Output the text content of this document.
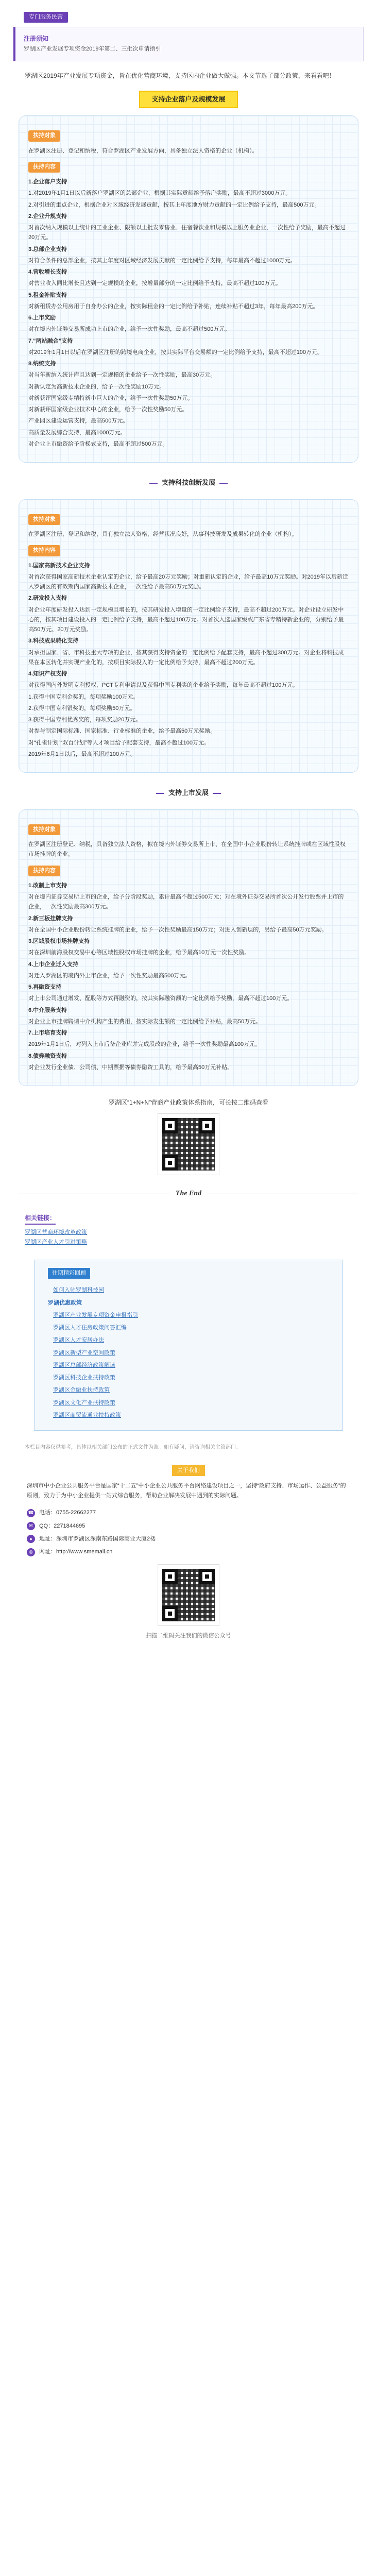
专门服务民营
注册须知
罗湖区产业发展专项资金2019年第二、三批次申请指引

罗湖区2019年产业发展专项资金，旨在优化营商环境，支持区内企业做大做强。本文节选了部分政策，来看看吧！

支持企业落户及规模发展
扶持对象

在罗湖区注册、登记和纳税，符合罗湖区产业发展方向，具备独立法人资格的企业（机构）。

扶持内容

1.企业落户支持

1.对2019年1月1日以后新落户罗湖区的总部企业，根据其实际贡献给予落户奖励，最高不超过3000万元。

2.对引进的重点企业，根据企业对区域经济发展贡献，按其上年度地方财力贡献的一定比例给予支持，最高500万元。

2.企业升规支持

对首次纳入规模以上统计的工业企业、限额以上批发零售业、住宿餐饮业和规模以上服务业企业，一次性给予奖励，最高不超过20万元。

3.总部企业支持

对符合条件的总部企业，按其上年度对区域经济发展贡献的一定比例给予支持，每年最高不超过1000万元。

4.营收增长支持

对营业收入同比增长且达到一定规模的企业，按增量部分的一定比例给予支持，最高不超过100万元。

5.租金补贴支持

对新租赁办公用房用于自身办公的企业，按实际租金的一定比例给予补贴，连续补贴不超过3年，每年最高200万元。

6.上市奖励

对在境内外证券交易所成功上市的企业，给予一次性奖励，最高不超过500万元。

7.“两站融合”支持

对2019年1月1日以后在罗湖区注册的跨境电商企业，按其实际平台交易额的一定比例给予支持，最高不超过100万元。

8.纳统支持

对当年新纳入统计库且达到一定规模的企业给予一次性奖励，最高30万元。

对新认定为高新技术企业的，给予一次性奖励10万元。

对新获评国家级专精特新小巨人的企业，给予一次性奖励50万元。

对新获评国家级企业技术中心的企业，给予一次性奖励50万元。

产业园区建设运营支持，最高500万元。

高质量发展综合支持，最高1000万元。

对企业上市融资给予阶梯式支持，最高不超过500万元。

支持科技创新发展
扶持对象

在罗湖区注册、登记和纳税，具有独立法人资格，经营状况良好，从事科技研发及成果转化的企业（机构）。

扶持内容

1.国家高新技术企业支持

对首次获得国家高新技术企业认定的企业，给予最高20万元奖励；对重新认定的企业，给予最高10万元奖励。对2019年以后新迁入罗湖区的有效期内国家高新技术企业，一次性给予最高50万元奖励。

2.研发投入支持

对企业年度研发投入达到一定规模且增长的，按其研发投入增量的一定比例给予支持，最高不超过200万元。对企业设立研发中心的，按其项目建设投入的一定比例给予支持，最高不超过100万元。对首次入选国家级或广东省专精特新企业的，分别给予最高50万元、20万元奖励。

3.科技成果转化支持

对承担国家、省、市科技重大专项的企业，按其获得支持资金的一定比例给予配套支持，最高不超过300万元。对企业将科技成果在本区转化并实现产业化的，按项目实际投入的一定比例给予支持，最高不超过200万元。

4.知识产权支持

对获得国内外发明专利授权、PCT专利申请以及获得中国专利奖的企业给予奖励，每年最高不超过100万元。

1.获得中国专利金奖的，每项奖励100万元。

2.获得中国专利银奖的，每项奖励50万元。

3.获得中国专利优秀奖的，每项奖励20万元。

对参与制定国际标准、国家标准、行业标准的企业，给予最高50万元奖励。

对“孔雀计划”“双百计划”等人才项目给予配套支持，最高不超过100万元。

2019年6月1日以后，最高不超过100万元。

支持上市发展
扶持对象

在罗湖区注册登记、纳税，具备独立法人资格，拟在境内外证券交易所上市、在全国中小企业股份转让系统挂牌或在区域性股权市场挂牌的企业。

扶持内容

1.改制上市支持

对在境内证券交易所上市的企业，给予分阶段奖励，累计最高不超过500万元；对在境外证券交易所首次公开发行股票并上市的企业，一次性奖励最高300万元。

2.新三板挂牌支持

对在全国中小企业股份转让系统挂牌的企业，给予一次性奖励最高150万元；对进入创新层的，另给予最高50万元奖励。

3.区域股权市场挂牌支持

对在深圳前海股权交易中心等区域性股权市场挂牌的企业，给予最高10万元一次性奖励。

4.上市企业迁入支持

对迁入罗湖区的境内外上市企业，给予一次性奖励最高500万元。

5.再融资支持

对上市公司通过增发、配股等方式再融资的，按其实际融资额的一定比例给予奖励，最高不超过100万元。

6.中介服务支持

对企业上市挂牌聘请中介机构产生的费用，按实际发生额的一定比例给予补贴，最高50万元。

7.上市培育支持

2019年1月1日后，对列入上市后备企业库并完成股改的企业，给予一次性奖励最高100万元。

8.债券融资支持

对企业发行企业债、公司债、中期票据等债券融资工具的，给予最高50万元补贴。

罗湖区“1+N+N”营商产业政策体系指南，可长按二维码查看

The End
相关链接：
罗湖区营商环境改革政策
罗湖区产业人才引进策略
往期精彩回顾
如何入驻罗湖科技园
罗湖优惠政策
罗湖区产业发展专项资金申报指引
罗湖区人才住房政策问答汇编
罗湖区人才安居办法
罗湖区新型产业空间政策
罗湖区总部经济政策解读
罗湖区科技企业扶持政策
罗湖区金融业扶持政策
罗湖区文化产业扶持政策
罗湖区商贸流通业扶持政策

本栏目内容仅供参考，具体以相关部门公布的正式文件为准。如有疑问，请咨询相关主管部门。

关于我们

深圳市中小企业公共服务平台是国家“十二五”中小企业公共服务平台网络建设项目之一，坚持“政府支持、市场运作、公益服务”的原则，致力于为中小企业提供一站式综合服务，帮助企业解决发展中遇到的实际问题。

☎ 电话：0755-22662277
✉	QQ：2271844695
●	地址：深圳市罗湖区深南东路国际商业大厦2楼
◎	网址：http://www.smemall.cn

扫描二维码关注我们的微信公众号
